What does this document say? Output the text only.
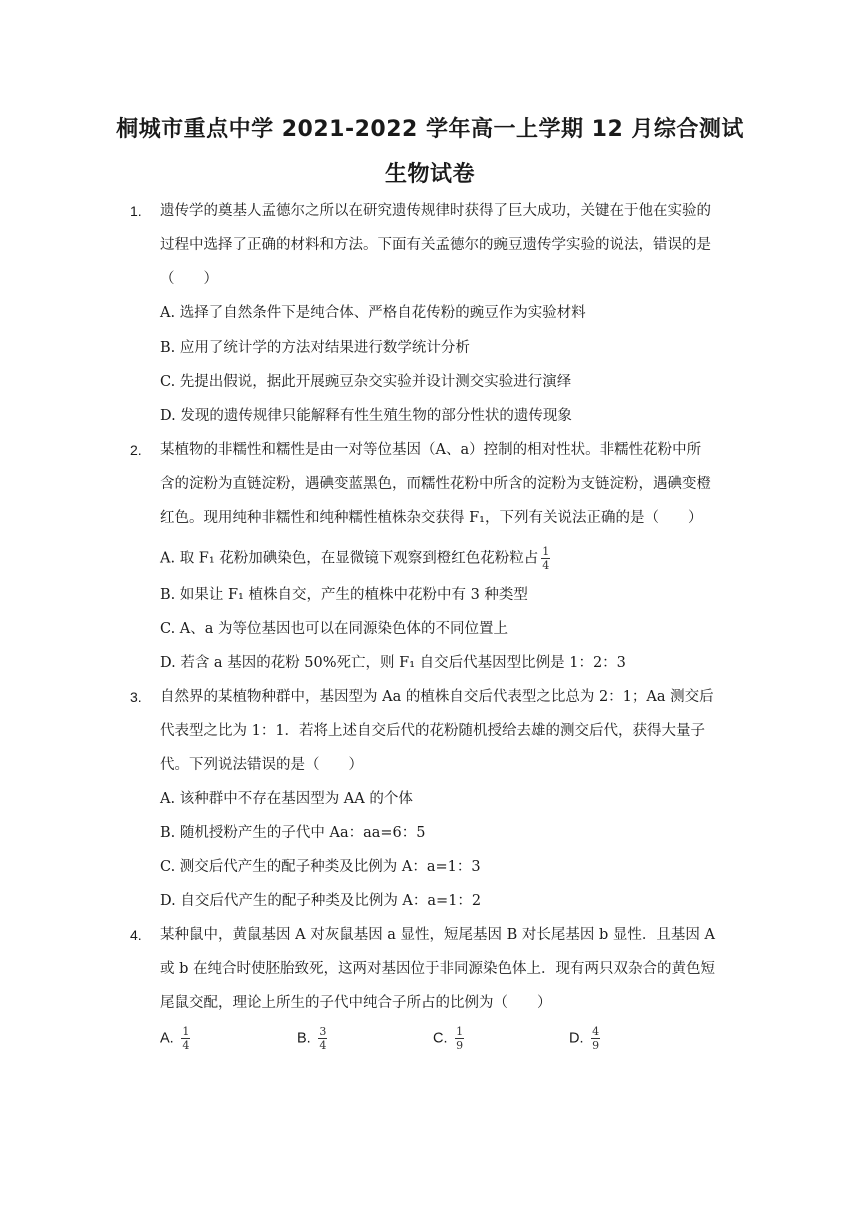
桐城市重点中学 2021-2022 学年高一上学期 12 月综合测试
生物试卷
1. 遗传学的奠基人孟德尔之所以在研究遗传规律时获得了巨大成功，关键在于他在实验的
过程中选择了正确的材料和方法。下面有关孟德尔的豌豆遗传学实验的说法，错误的是
（　　）
A. 选择了自然条件下是纯合体、严格自花传粉的豌豆作为实验材料
B. 应用了统计学的方法对结果进行数学统计分析
C. 先提出假说，据此开展豌豆杂交实验并设计测交实验进行演绎
D. 发现的遗传规律只能解释有性生殖生物的部分性状的遗传现象
2. 某植物的非糯性和糯性是由一对等位基因（A、a）控制的相对性状。非糯性花粉中所
含的淀粉为直链淀粉，遇碘变蓝黑色，而糯性花粉中所含的淀粉为支链淀粉，遇碘变橙
红色。现用纯种非糯性和纯种糯性植株杂交获得 F₁，下列有关说法正确的是（　　）
A. 取 F₁ 花粉加碘染色，在显微镜下观察到橙红色花粉粒占 $\frac{1}{4}$
B. 如果让 F₁ 植株自交，产生的植株中花粉中有 3 种类型
C. A、a 为等位基因也可以在同源染色体的不同位置上
D. 若含 a 基因的花粉 50%死亡，则 F₁ 自交后代基因型比例是 1：2：3
3. 自然界的某植物种群中，基因型为 Aa 的植株自交后代表型之比总为 2：1；Aa 测交后
代表型之比为 1：1．若将上述自交后代的花粉随机授给去雄的测交后代，获得大量子
代。下列说法错误的是（　　）
A. 该种群中不存在基因型为 AA 的个体
B. 随机授粉产生的子代中 Aa：aa=6：5
C. 测交后代产生的配子种类及比例为 A：a=1：3
D. 自交后代产生的配子种类及比例为 A：a=1：2
4. 某种鼠中，黄鼠基因 A 对灰鼠基因 a 显性，短尾基因 B 对长尾基因 b 显性．且基因 A
或 b 在纯合时使胚胎致死，这两对基因位于非同源染色体上．现有两只双杂合的黄色短
尾鼠交配，理论上所生的子代中纯合子所占的比例为（　　）
A. $\frac{1}{4}$	B. $\frac{3}{4}$	C. $\frac{1}{9}$	D. $\frac{4}{9}$
